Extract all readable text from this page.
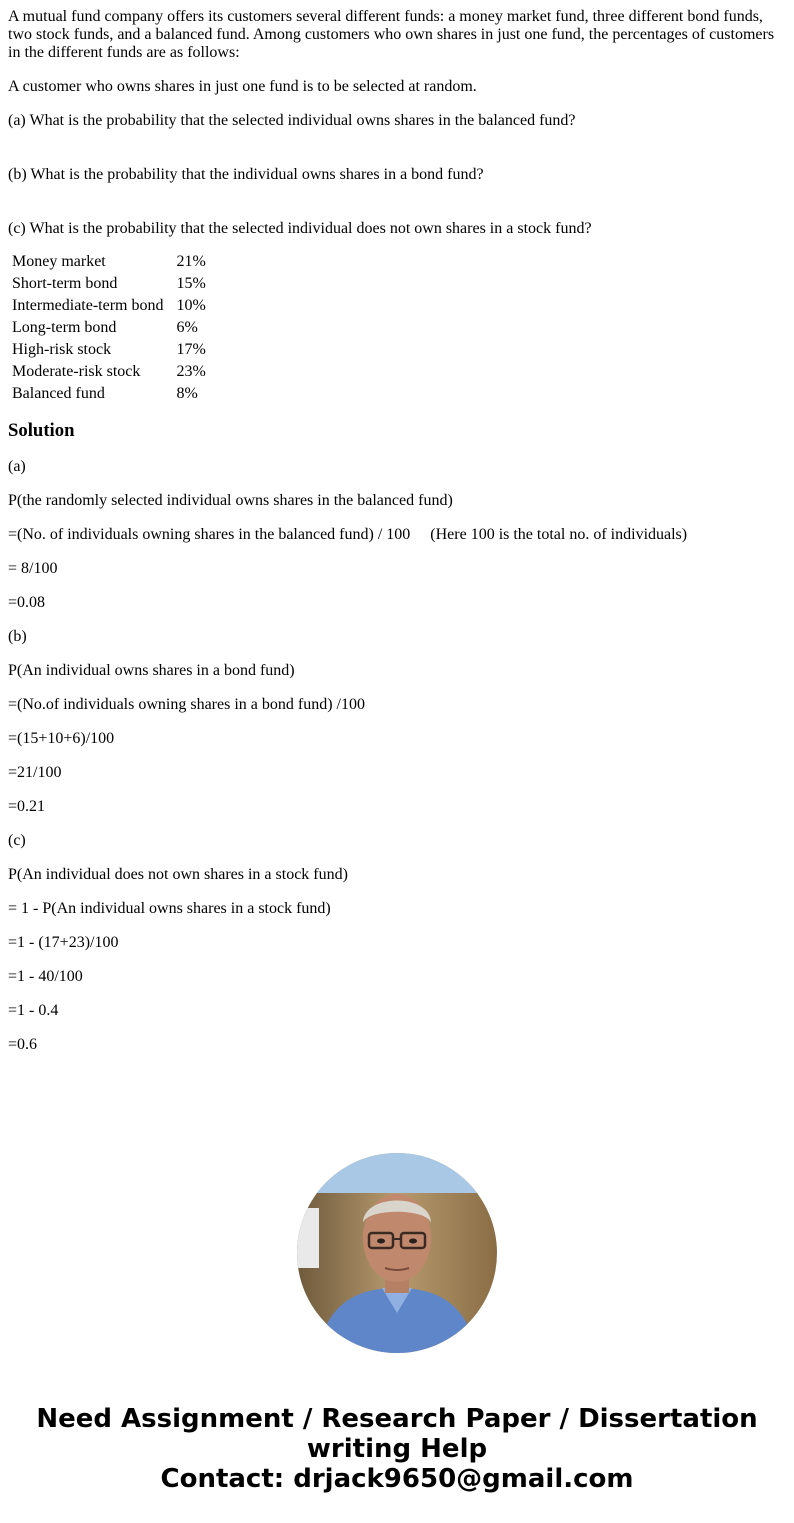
A mutual fund company offers its customers several different funds: a money market fund, three different bond funds, two stock funds, and a balanced fund. Among customers who own shares in just one fund, the percentages of customers in the different funds are as follows:

A customer who owns shares in just one fund is to be selected at random.

(a) What is the probability that the selected individual owns shares in the balanced fund?

(b) What is the probability that the individual owns shares in a bond fund?

(c) What is the probability that the selected individual does not own shares in a stock fund?

Money market	21%
Short-term bond	15%
Intermediate-term bond	10%
Long-term bond	6%
High-risk stock	17%
Moderate-risk stock	23%
Balanced fund	8%
Solution

(a)

P(the randomly selected individual owns shares in the balanced fund)

=(No. of individuals owning shares in the balanced fund) / 100     (Here 100 is the total no. of individuals)

= 8/100

=0.08

(b)

P(An individual owns shares in a bond fund)

=(No.of individuals owning shares in a bond fund) /100

=(15+10+6)/100

=21/100

=0.21

(c)

P(An individual does not own shares in a stock fund)

= 1 - P(An individual owns shares in a stock fund)

=1 - (17+23)/100

=1 - 40/100

=1 - 0.4

=0.6

Need Assignment / Research Paper / Dissertation
writing Help
Contact: drjack9650@gmail.com
